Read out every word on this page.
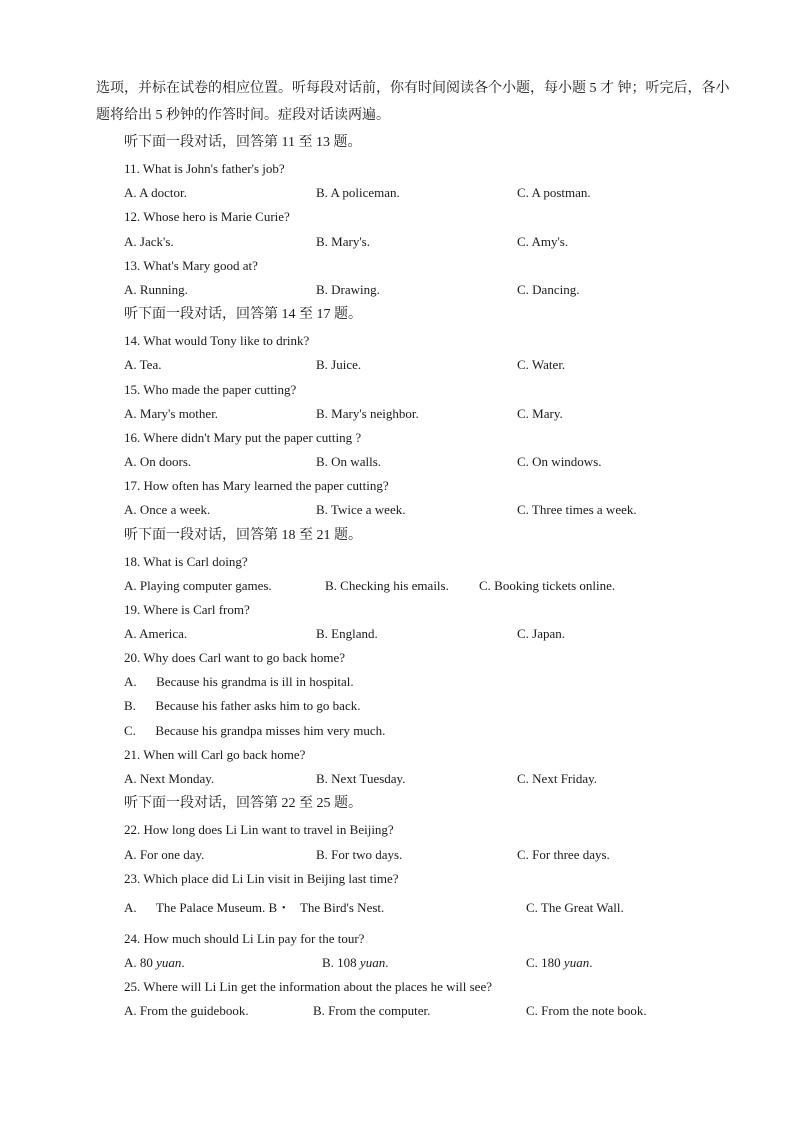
选项，并标在试卷的相应位置。听每段对话前，你有时间阅读各个小题，每小题 5 才 钟；听完后，各小
题将给出 5 秒钟的作答时间。症段对话读两遍。
听下面一段对话，回答第 11 至 13 题。
11. What is John's father's job?
A. A doctor.	B. A policeman.	C. A postman.
12. Whose hero is Marie Curie?
A. Jack's.	B. Mary's.	C. Amy's.
13. What's Mary good at?
A. Running.	B. Drawing.	C. Dancing.
听下面一段对话，回答第 14 至 17 题。
14. What would Tony like to drink?
A. Tea.	B. Juice.	C. Water.
15. Who made the paper cutting?
A. Mary's mother.	B. Mary's neighbor.	C. Mary.
16. Where didn't Mary put the paper cutting ?
A. On doors.	B. On walls.	C. On windows.
17. How often has Mary learned the paper cutting?
A. Once a week.	B. Twice a week.	C. Three times a week.
听下面一段对话，回答第 18 至 21 题。
18. What is Carl doing?
A. Playing computer games.	B. Checking his emails. C. Booking tickets online.
19. Where is Carl from?
A. America.	B. England.	C. Japan.
20. Why does Carl want to go back home?
A.      Because his grandma is ill in hospital.
B.      Because his father asks him to go back.
C.      Because his grandpa misses him very much.
21. When will Carl go back home?
A. Next Monday.	B. Next Tuesday.	C. Next Friday.
听下面一段对话，回答第 22 至 25 题。
22. How long does Li Lin want to travel in Beijing?
A. For one day.	B. For two days.	C. For three days.
23. Which place did Li Lin visit in Beijing last time?
A.      The Palace Museum. B・   The Bird's Nest.	C. The Great Wall.
24. How much should Li Lin pay for the tour?
A. 80 yuan.	B. 108 yuan.	C. 180 yuan.
25. Where will Li Lin get the information about the places he will see?
A. From the guidebook.	B. From the computer.	C. From the note book.
